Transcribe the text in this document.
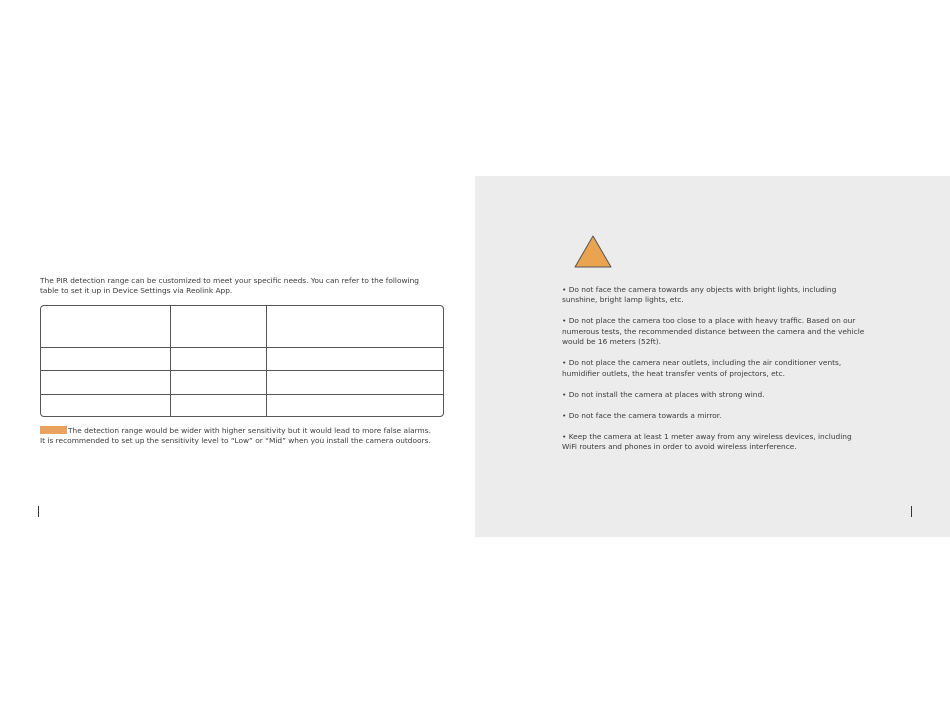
The PIR detection range can be customized to meet your specific needs. You can refer to the following table to set it up in Device Settings via Reolink App.

The detection range would be wider with higher sensitivity but it would lead to more false alarms. It is recommended to set up the sensitivity level to “Low” or “Mid” when you install the camera outdoors.

• Do not face the camera towards any objects with bright lights, including sunshine, bright lamp lights, etc.

• Do not place the camera too close to a place with heavy traffic. Based on our numerous tests, the recommended distance between the camera and the vehicle would be 16 meters (52ft).

• Do not place the camera near outlets, including the air conditioner vents, humidifier outlets, the heat transfer vents of projectors, etc.

• Do not install the camera at places with strong wind.

• Do not face the camera towards a mirror.

• Keep the camera at least 1 meter away from any wireless devices, including WiFi routers and phones in order to avoid wireless interference.
